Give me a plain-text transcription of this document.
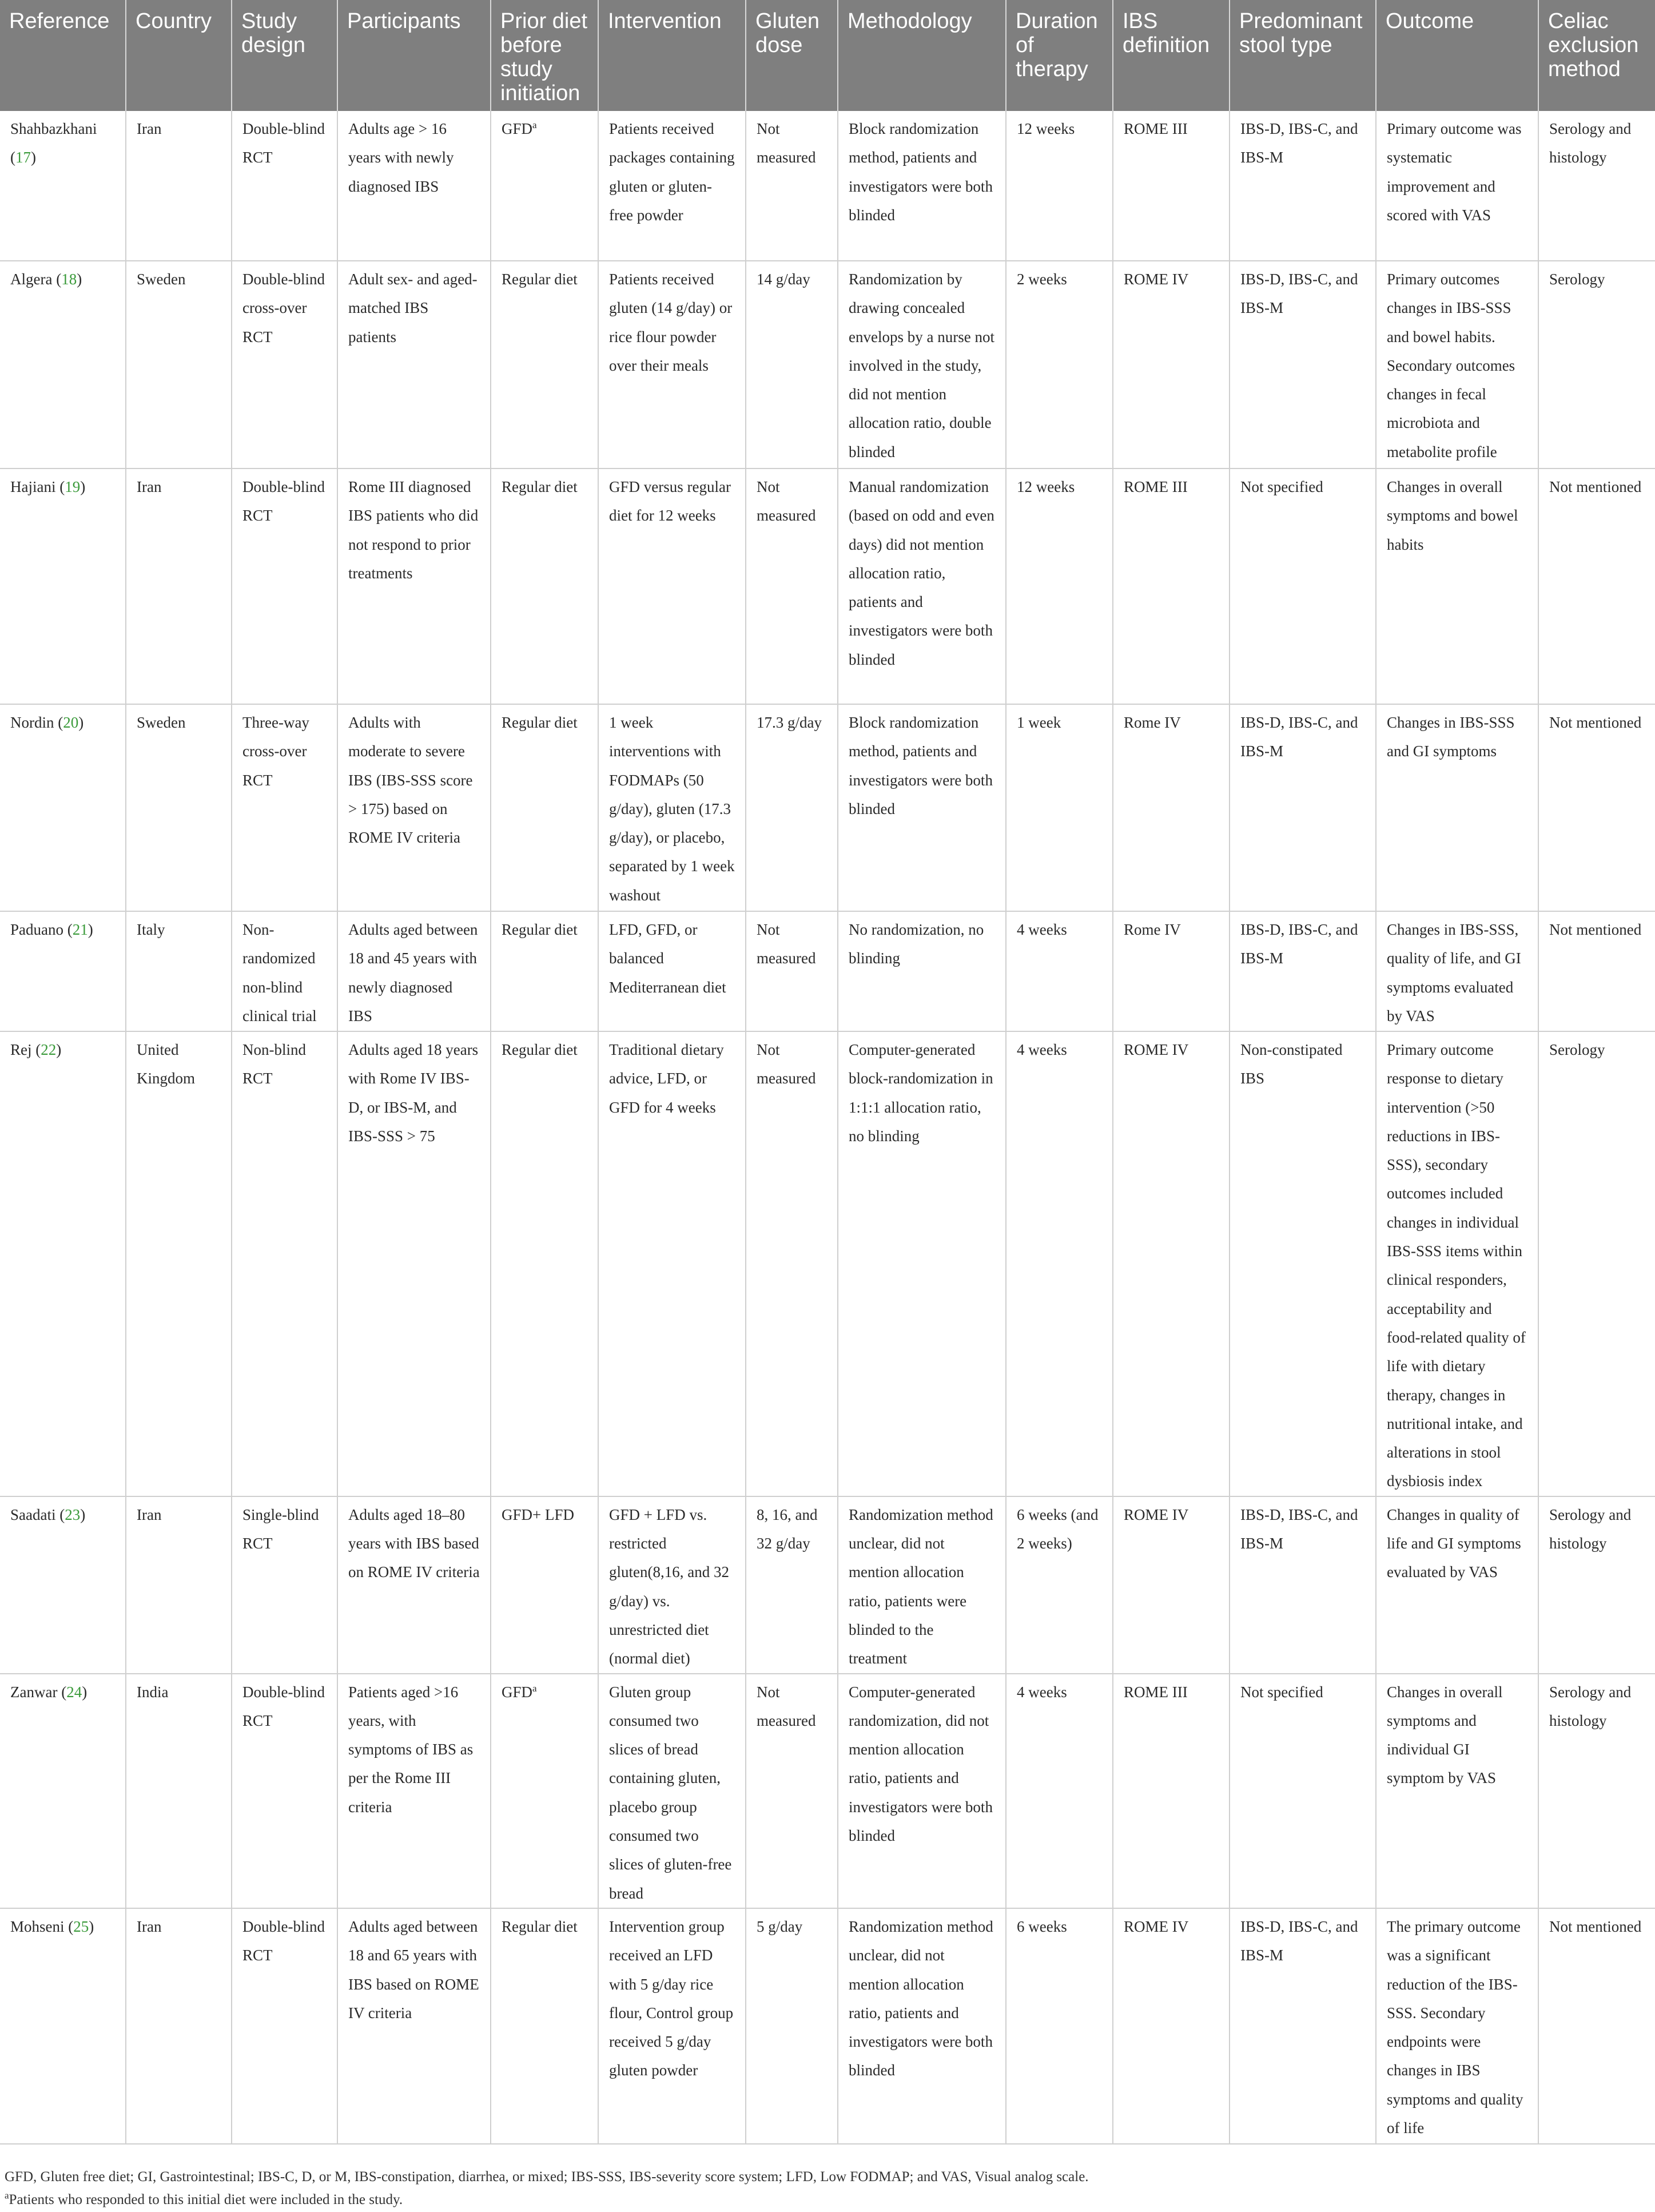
Reference	Country	Study design	Participants	Prior diet before study initiation	Intervention	Gluten dose	Methodology	Duration of therapy	IBS definition	Predominant stool type	Outcome	Celiac exclusion method
Shahbazkhani (17)	Iran	Double-blind RCT	Adults age > 16 years with newly diagnosed IBS	GFD$^a$	Patients received packages containing gluten or gluten-free powder	Not measured	Block randomization method, patients and investigators were both blinded	12 weeks	ROME III	IBS-D, IBS-C, and IBS-M	Primary outcome was systematic improvement and scored with VAS	Serology and histology
Algera (18)	Sweden	Double-blind cross-over RCT	Adult sex- and aged-matched IBS patients	Regular diet	Patients received gluten (14 g/day) or rice flour powder over their meals	14 g/day	Randomization by drawing concealed envelops by a nurse not involved in the study, did not mention allocation ratio, double blinded	2 weeks	ROME IV	IBS-D, IBS-C, and IBS-M	Primary outcomes changes in IBS-SSS and bowel habits. Secondary outcomes changes in fecal microbiota and metabolite profile	Serology
Hajiani (19)	Iran	Double-blind RCT	Rome III diagnosed IBS patients who did not respond to prior treatments	Regular diet	GFD versus regular diet for 12 weeks	Not measured	Manual randomization (based on odd and even days) did not mention allocation ratio, patients and investigators were both blinded	12 weeks	ROME III	Not specified	Changes in overall symptoms and bowel habits	Not mentioned
Nordin (20)	Sweden	Three-way cross-over RCT	Adults with moderate to severe IBS (IBS-SSS score > 175) based on ROME IV criteria	Regular diet	1 week interventions with FODMAPs (50 g/day), gluten (17.3 g/day), or placebo, separated by 1 week washout	17.3 g/day	Block randomization method, patients and investigators were both blinded	1 week	Rome IV	IBS-D, IBS-C, and IBS-M	Changes in IBS-SSS and GI symptoms	Not mentioned
Paduano (21)	Italy	Non-randomized non-blind clinical trial	Adults aged between 18 and 45 years with newly diagnosed IBS	Regular diet	LFD, GFD, or balanced Mediterranean diet	Not measured	No randomization, no blinding	4 weeks	Rome IV	IBS-D, IBS-C, and IBS-M	Changes in IBS-SSS, quality of life, and GI symptoms evaluated by VAS	Not mentioned
Rej (22)	United Kingdom	Non-blind RCT	Adults aged 18 years with Rome IV IBS-D, or IBS-M, and IBS-SSS > 75	Regular diet	Traditional dietary advice, LFD, or GFD for 4 weeks	Not measured	Computer-generated block-randomization in 1:1:1 allocation ratio, no blinding	4 weeks	ROME IV	Non-constipated IBS	Primary outcome response to dietary intervention (>50 reductions in IBS-SSS), secondary outcomes included changes in individual IBS-SSS items within clinical responders, acceptability and food-related quality of life with dietary therapy, changes in nutritional intake, and alterations in stool dysbiosis index	Serology
Saadati (23)	Iran	Single-blind RCT	Adults aged 18–80 years with IBS based on ROME IV criteria	GFD+ LFD	GFD + LFD vs. restricted gluten(8,16, and 32 g/day) vs. unrestricted diet (normal diet)	8, 16, and 32 g/day	Randomization method unclear, did not mention allocation ratio, patients were blinded to the treatment	6 weeks (and 2 weeks)	ROME IV	IBS-D, IBS-C, and IBS-M	Changes in quality of life and GI symptoms evaluated by VAS	Serology and histology
Zanwar (24)	India	Double-blind RCT	Patients aged >16 years, with symptoms of IBS as per the Rome III criteria	GFD$^a$	Gluten group consumed two slices of bread containing gluten, placebo group consumed two slices of gluten-free bread	Not measured	Computer-generated randomization, did not mention allocation ratio, patients and investigators were both blinded	4 weeks	ROME III	Not specified	Changes in overall symptoms and individual GI symptom by VAS	Serology and histology
Mohseni (25)	Iran	Double-blind RCT	Adults aged between 18 and 65 years with IBS based on ROME IV criteria	Regular diet	Intervention group received an LFD with 5 g/day rice flour, Control group received 5 g/day gluten powder	5 g/day	Randomization method unclear, did not mention allocation ratio, patients and investigators were both blinded	6 weeks	ROME IV	IBS-D, IBS-C, and IBS-M	The primary outcome was a significant reduction of the IBS-SSS. Secondary endpoints were changes in IBS symptoms and quality of life	Not mentioned
GFD, Gluten free diet; GI, Gastrointestinal; IBS-C, D, or M, IBS-constipation, diarrhea, or mixed; IBS-SSS, IBS-severity score system; LFD, Low FODMAP; and VAS, Visual analog scale.
$^a$Patients who responded to this initial diet were included in the study.
